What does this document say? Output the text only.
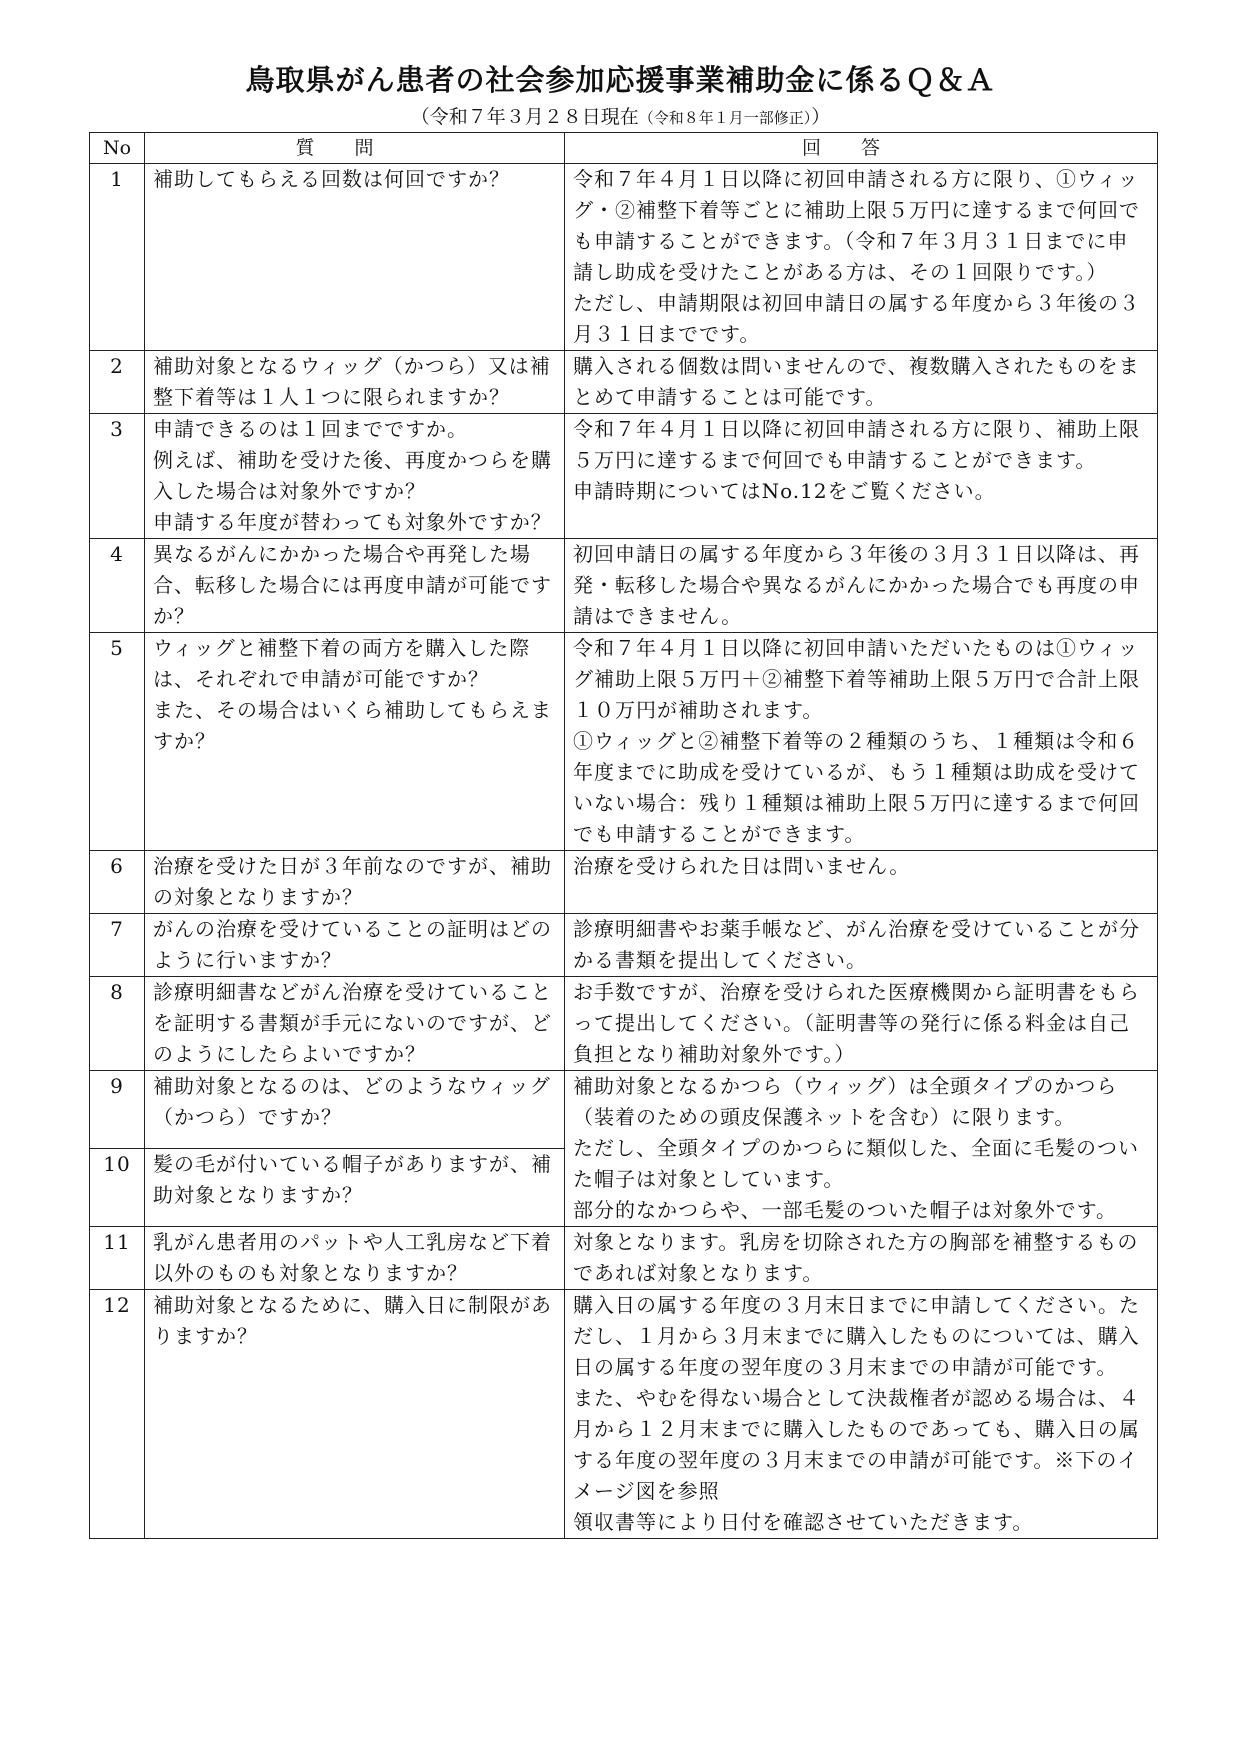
鳥取県がん患者の社会参加応援事業補助金に係るＱ＆Ａ

（令和７年３月２８日現在（令和８年１月一部修正））

No	質問	回答
1	補助してもらえる回数は何回ですか？	令和７年４月１日以降に初回申請される方に限り、①ウィッグ・②補整下着等ごとに補助上限５万円に達するまで何回でも申請することができます。（令和７年３月３１日までに申請し助成を受けたことがある方は、その１回限りです。）
ただし、申請期限は初回申請日の属する年度から３年後の３月３１日までです。

2	補助対象となるウィッグ（かつら）又は補整下着等は１人１つに限られますか？	購入される個数は問いませんので、複数購入されたものをまとめて申請することは可能です。

3	申請できるのは１回までですか。
例えば、補助を受けた後、再度かつらを購入した場合は対象外ですか？
申請する年度が替わっても対象外ですか？	令和７年４月１日以降に初回申請される方に限り、補助上限５万円に達するまで何回でも申請することができます。
申請時期についてはNo.12をご覧ください。

4	異なるがんにかかった場合や再発した場合、転移した場合には再度申請が可能ですか？	初回申請日の属する年度から３年後の３月３１日以降は、再発・転移した場合や異なるがんにかかった場合でも再度の申請はできません。

5	ウィッグと補整下着の両方を購入した際は、それぞれで申請が可能ですか？
また、その場合はいくら補助してもらえますか？	令和７年４月１日以降に初回申請いただいたものは①ウィッグ補助上限５万円＋②補整下着等補助上限５万円で合計上限１０万円が補助されます。
①ウィッグと②補整下着等の２種類のうち、１種類は令和６年度までに助成を受けているが、もう１種類は助成を受けていない場合：残り１種類は補助上限５万円に達するまで何回でも申請することができます。

6	治療を受けた日が３年前なのですが、補助の対象となりますか？	治療を受けられた日は問いません。

7	がんの治療を受けていることの証明はどのように行いますか？	診療明細書やお薬手帳など、がん治療を受けていることが分かる書類を提出してください。

8	診療明細書などがん治療を受けていることを証明する書類が手元にないのですが、どのようにしたらよいですか？	お手数ですが、治療を受けられた医療機関から証明書をもらって提出してください。（証明書等の発行に係る料金は自己負担となり補助対象外です。）

9	補助対象となるのは、どのようなウィッグ（かつら）ですか？	補助対象となるかつら（ウィッグ）は全頭タイプのかつら（装着のための頭皮保護ネットを含む）に限ります。
ただし、全頭タイプのかつらに類似した、全面に毛髪のついた帽子は対象としています。
部分的なかつらや、一部毛髪のついた帽子は対象外です。

10	髪の毛が付いている帽子がありますが、補助対象となりますか？	
11	乳がん患者用のパットや人工乳房など下着以外のものも対象となりますか？	対象となります。乳房を切除された方の胸部を補整するものであれば対象となります。

12	補助対象となるために、購入日に制限がありますか？	購入日の属する年度の３月末日までに申請してください。ただし、１月から３月末までに購入したものについては、購入日の属する年度の翌年度の３月末までの申請が可能です。
また、やむを得ない場合として決裁権者が認める場合は、４月から１２月末までに購入したものであっても、購入日の属する年度の翌年度の３月末までの申請が可能です。※下のイメージ図を参照
領収書等により日付を確認させていただきます。
